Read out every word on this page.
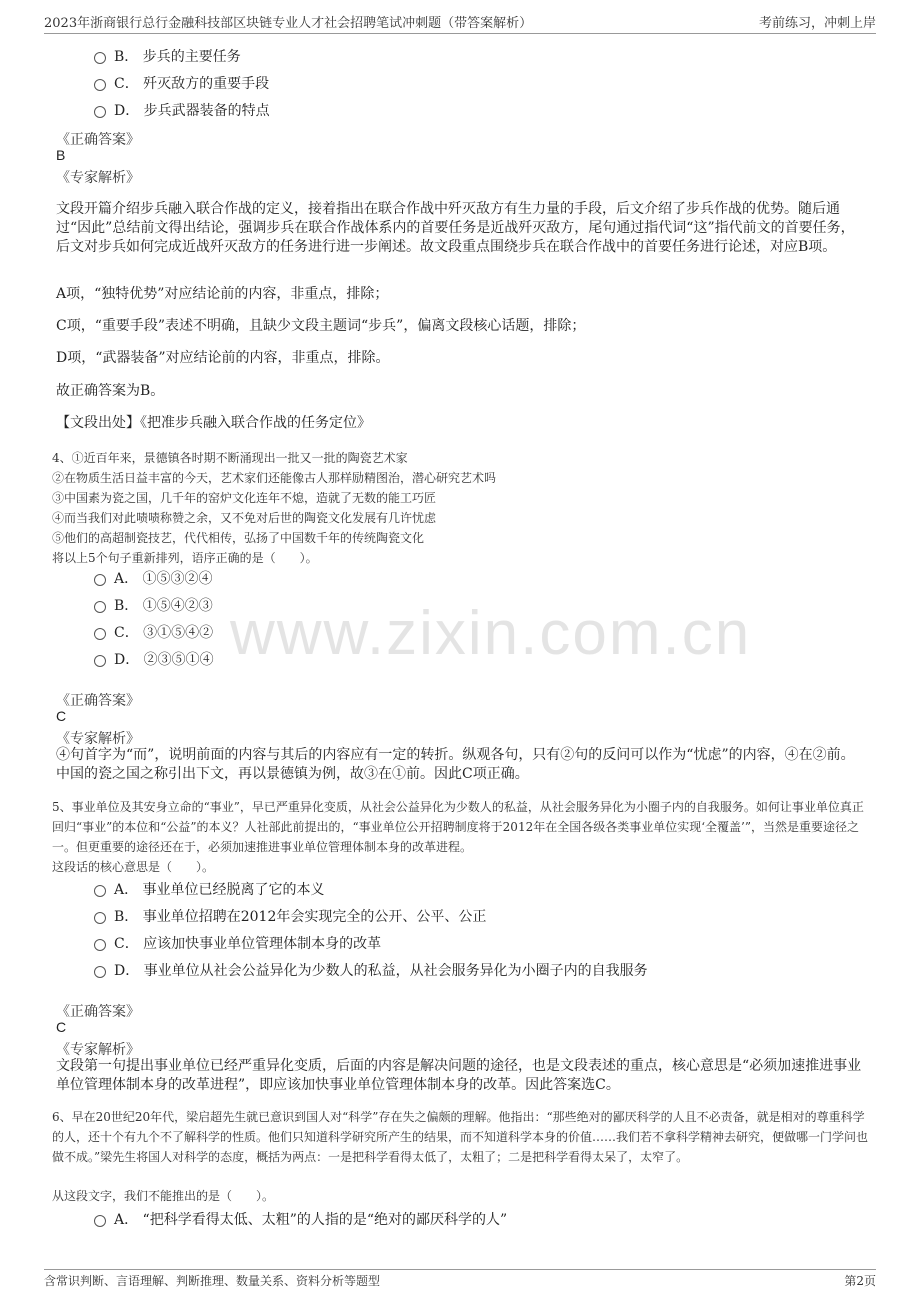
2023年浙商银行总行金融科技部区块链专业人才社会招聘笔试冲刺题（带答案解析）	考前练习，冲刺上岸
B． 步兵的主要任务
C． 歼灭敌方的重要手段
D． 步兵武器装备的特点
《正确答案》
B
《专家解析》

文段开篇介绍步兵融入联合作战的定义，接着指出在联合作战中歼灭敌方有生力量的手段，后文介绍了步兵作战的优势。随后通过“因此”总结前文得出结论，强调步兵在联合作战体系内的首要任务是近战歼灭敌方，尾句通过指代词“这”指代前文的首要任务，后文对步兵如何完成近战歼灭敌方的任务进行进一步阐述。故文段重点围绕步兵在联合作战中的首要任务进行论述，对应B项。

A项，“独特优势”对应结论前的内容，非重点，排除；

C项，“重要手段”表述不明确，且缺少文段主题词“步兵”，偏离文段核心话题，排除；

D项，“武器装备”对应结论前的内容，非重点，排除。

故正确答案为B。

【文段出处】《把准步兵融入联合作战的任务定位》

4、①近百年来，景德镇各时期不断涌现出一批又一批的陶瓷艺术家
②在物质生活日益丰富的今天，艺术家们还能像古人那样励精图治，潜心研究艺术吗
③中国素为瓷之国，几千年的窑炉文化连年不熄，造就了无数的能工巧匠
④而当我们对此啧啧称赞之余，又不免对后世的陶瓷文化发展有几许忧虑
⑤他们的高超制瓷技艺，代代相传，弘扬了中国数千年的传统陶瓷文化
将以上5个句子重新排列，语序正确的是（　　）。
A． ①⑤③②④
B． ①⑤④②③
C． ③①⑤④②
D． ②③⑤①④ www.zixin.com.cn
《正确答案》
C
《专家解析》

④句首字为“而”，说明前面的内容与其后的内容应有一定的转折。纵观各句，只有②句的反问可以作为“忧虑”的内容，④在②前。中国的瓷之国之称引出下文，再以景德镇为例，故③在①前。因此C项正确。

5、事业单位及其安身立命的“事业”，早已严重异化变质，从社会公益异化为少数人的私益，从社会服务异化为小圈子内的自我服务。如何让事业单位真正回归“事业”的本位和“公益”的本义？人社部此前提出的，“事业单位公开招聘制度将于2012年在全国各级各类事业单位实现‘全覆盖’”，当然是重要途径之一。但更重要的途径还在于，必须加速推进事业单位管理体制本身的改革进程。

这段话的核心意思是（　　）。

A． 事业单位已经脱离了它的本义
B． 事业单位招聘在2012年会实现完全的公开、公平、公正
C． 应该加快事业单位管理体制本身的改革
D． 事业单位从社会公益异化为少数人的私益，从社会服务异化为小圈子内的自我服务
《正确答案》
C
《专家解析》

文段第一句提出事业单位已经严重异化变质，后面的内容是解决问题的途径，也是文段表述的重点，核心意思是“必须加速推进事业单位管理体制本身的改革进程”，即应该加快事业单位管理体制本身的改革。因此答案选C。

6、早在20世纪20年代，梁启超先生就已意识到国人对“科学”存在失之偏颇的理解。他指出：“那些绝对的鄙厌科学的人且不必责备，就是相对的尊重科学的人，还十个有九个不了解科学的性质。他们只知道科学研究所产生的结果，而不知道科学本身的价值……我们若不拿科学精神去研究，便做哪一门学问也做不成。”梁先生将国人对科学的态度，概括为两点：一是把科学看得太低了，太粗了；二是把科学看得太呆了，太窄了。

从这段文字，我们不能推出的是（　　）。

A． “把科学看得太低、太粗”的人指的是“绝对的鄙厌科学的人”
含常识判断、言语理解、判断推理、数量关系、资料分析等题型	第2页
